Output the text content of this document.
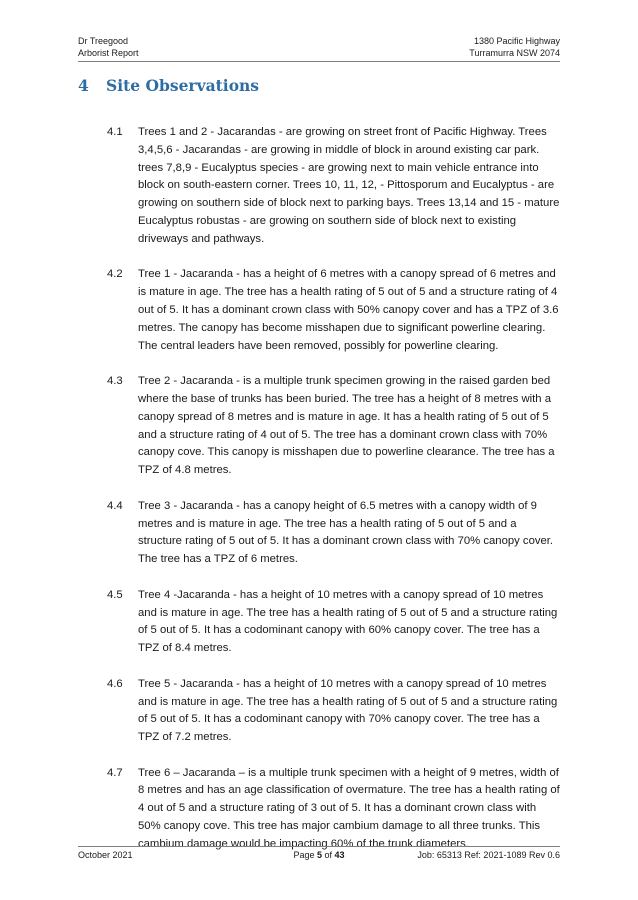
Dr Treegood
Arborist Report
1380 Pacific Highway
Turramurra NSW 2074
4 Site Observations
4.1 Trees 1 and 2 - Jacarandas - are growing on street front of Pacific Highway. Trees 3,4,5,6 - Jacarandas - are growing in middle of block in around existing car park. trees 7,8,9 - Eucalyptus species - are growing next to main vehicle entrance into block on south-eastern corner. Trees 10, 11, 12, - Pittosporum and Eucalyptus - are growing on southern side of block next to parking bays. Trees 13,14 and 15 - mature Eucalyptus robustas - are growing on southern side of block next to existing driveways and pathways.
4.2 Tree 1 - Jacaranda - has a height of 6 metres with a canopy spread of 6 metres and is mature in age. The tree has a health rating of 5 out of 5 and a structure rating of 4 out of 5. It has a dominant crown class with 50% canopy cover and has a TPZ of 3.6 metres. The canopy has become misshapen due to significant powerline clearing. The central leaders have been removed, possibly for powerline clearing.
4.3 Tree 2 - Jacaranda - is a multiple trunk specimen growing in the raised garden bed where the base of trunks has been buried. The tree has a height of 8 metres with a canopy spread of 8 metres and is mature in age. It has a health rating of 5 out of 5 and a structure rating of 4 out of 5. The tree has a dominant crown class with 70% canopy cove. This canopy is misshapen due to powerline clearance. The tree has a TPZ of 4.8 metres.
4.4 Tree 3 - Jacaranda - has a canopy height of 6.5 metres with a canopy width of 9 metres and is mature in age. The tree has a health rating of 5 out of 5 and a structure rating of 5 out of 5. It has a dominant crown class with 70% canopy cover. The tree has a TPZ of 6 metres.
4.5 Tree 4 -Jacaranda - has a height of 10 metres with a canopy spread of 10 metres and is mature in age. The tree has a health rating of 5 out of 5 and a structure rating of 5 out of 5. It has a codominant canopy with 60% canopy cover. The tree has a TPZ of 8.4 metres.
4.6 Tree 5 - Jacaranda - has a height of 10 metres with a canopy spread of 10 metres and is mature in age. The tree has a health rating of 5 out of 5 and a structure rating of 5 out of 5. It has a codominant canopy with 70% canopy cover. The tree has a TPZ of 7.2 metres.
4.7 Tree 6 – Jacaranda – is a multiple trunk specimen with a height of 9 metres, width of 8 metres and has an age classification of overmature. The tree has a health rating of 4 out of 5 and a structure rating of 3 out of 5. It has a dominant crown class with 50% canopy cove. This tree has major cambium damage to all three trunks. This cambium damage would be impacting 60% of the trunk diameters.
October 2021	Page 5 of 43	Job: 65313 Ref: 2021-1089 Rev 0.6
